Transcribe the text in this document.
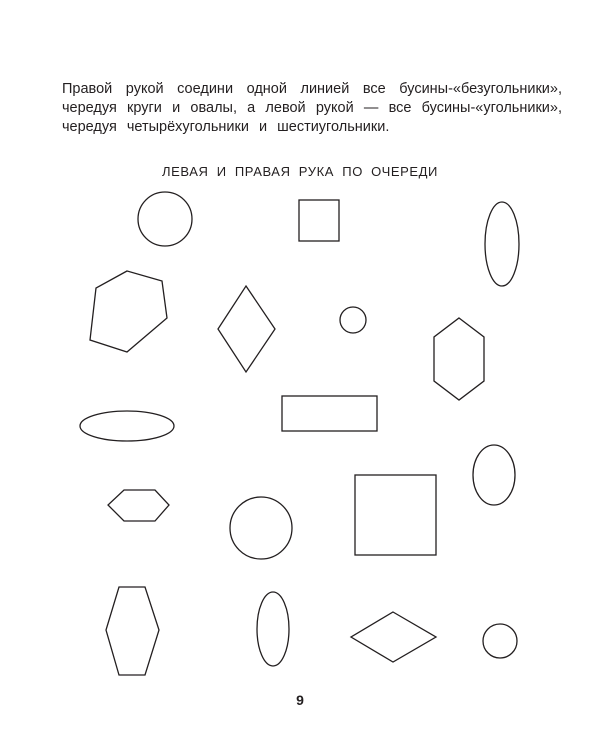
Правой рукой соедини одной линией все бусины-«безугольники»,

чередуя круги и овалы, а левой рукой — все бусины-«угольники»,

чередуя четырёхугольники и шестиугольники.

ЛЕВАЯ И ПРАВАЯ РУКА ПО ОЧЕРЕДИ
9
